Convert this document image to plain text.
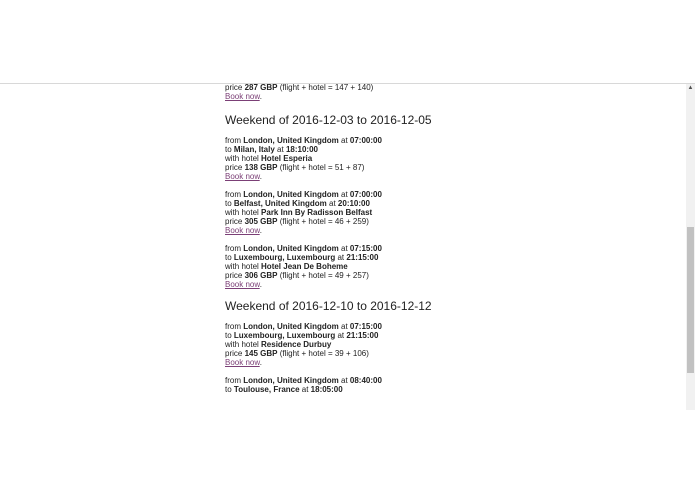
price 287 GBP (flight + hotel = 147 + 140)
Book now.
Weekend of 2016-12-03 to 2016-12-05
from London, United Kingdom at 07:00:00
to Milan, Italy at 18:10:00
with hotel Hotel Esperia
price 138 GBP (flight + hotel = 51 + 87)
Book now.
from London, United Kingdom at 07:00:00
to Belfast, United Kingdom at 20:10:00
with hotel Park Inn By Radisson Belfast
price 305 GBP (flight + hotel = 46 + 259)
Book now.
from London, United Kingdom at 07:15:00
to Luxembourg, Luxembourg at 21:15:00
with hotel Hotel Jean De Boheme
price 306 GBP (flight + hotel = 49 + 257)
Book now.
Weekend of 2016-12-10 to 2016-12-12
from London, United Kingdom at 07:15:00
to Luxembourg, Luxembourg at 21:15:00
with hotel Residence Durbuy
price 145 GBP (flight + hotel = 39 + 106)
Book now.
from London, United Kingdom at 08:40:00
to Toulouse, France at 18:05:00
▲
